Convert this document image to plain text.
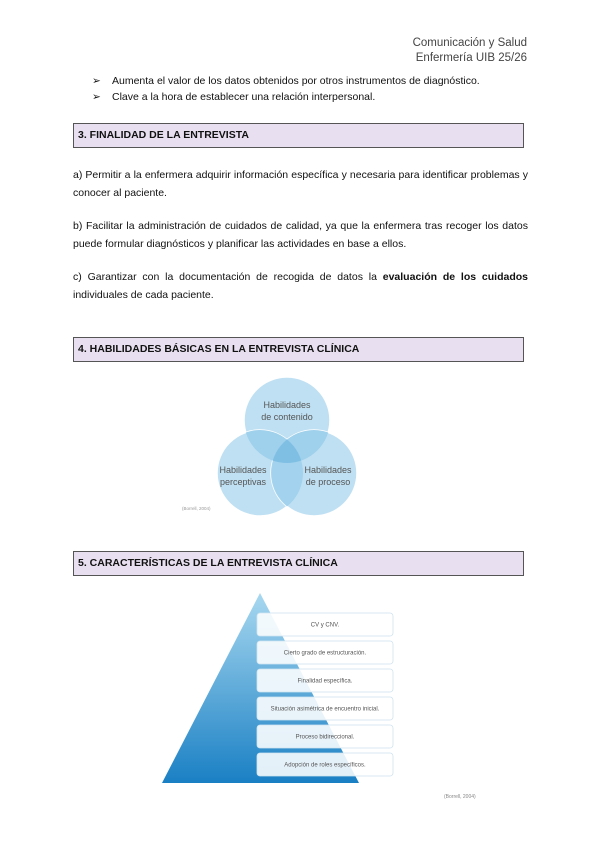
Comunicación y Salud
Enfermería UIB 25/26
➢ Aumenta el valor de los datos obtenidos por otros instrumentos de diagnóstico.
➢ Clave a la hora de establecer una relación interpersonal.
3. FINALIDAD DE LA ENTREVISTA
a) Permitir a la enfermera adquirir información específica y necesaria para identificar problemas y conocer al paciente.
b) Facilitar la administración de cuidados de calidad, ya que la enfermera tras recoger los datos puede formular diagnósticos y planificar las actividades en base a ellos.
c) Garantizar con la documentación de recogida de datos la evaluación de los cuidados individuales de cada paciente.
4. HABILIDADES BÁSICAS EN LA ENTREVISTA CLÍNICA
Habilidades
de contenido
Habilidades
perceptivas
Habilidades
de proceso
(Borrell, 2004)
5. CARACTERÍSTICAS DE LA ENTREVISTA CLÍNICA
CV y CNV.
Cierto grado de estructuración.
Finalidad específica.
Situación asimétrica de encuentro inicial.
Proceso bidireccional.
Adopción de roles específicos.
(Borrell, 2004)
